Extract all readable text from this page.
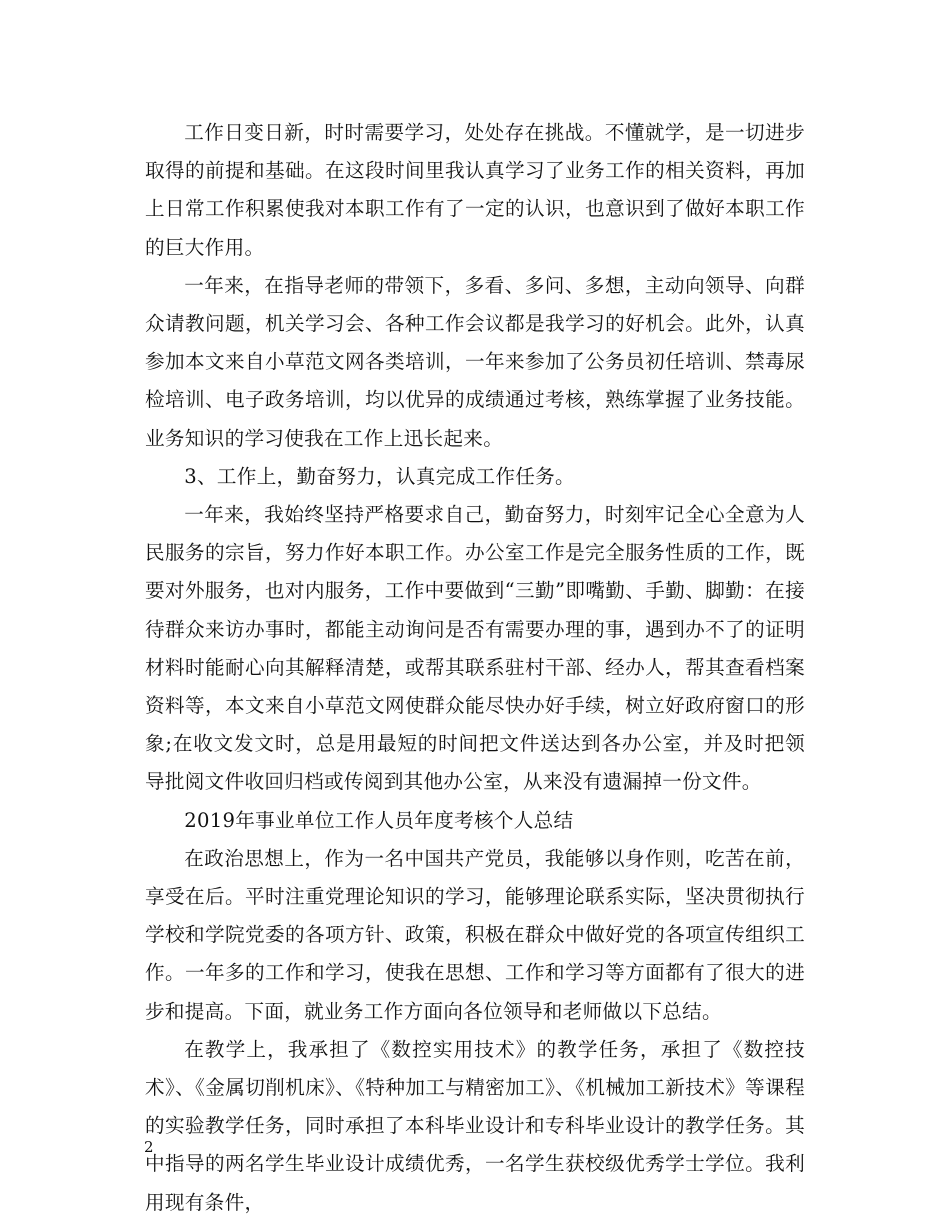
工作日变日新，时时需要学习，处处存在挑战。不懂就学，是一切进步取得的前提和基础。在这段时间里我认真学习了业务工作的相关资料，再加上日常工作积累使我对本职工作有了一定的认识，也意识到了做好本职工作的巨大作用。

一年来，在指导老师的带领下，多看、多问、多想，主动向领导、向群众请教问题，机关学习会、各种工作会议都是我学习的好机会。此外，认真参加本文来自小草范文网各类培训，一年来参加了公务员初任培训、禁毒尿检培训、电子政务培训，均以优异的成绩通过考核，熟练掌握了业务技能。业务知识的学习使我在工作上迅长起来。

3、工作上，勤奋努力，认真完成工作任务。

一年来，我始终坚持严格要求自己，勤奋努力，时刻牢记全心全意为人民服务的宗旨，努力作好本职工作。办公室工作是完全服务性质的工作，既要对外服务，也对内服务，工作中要做到“三勤”即嘴勤、手勤、脚勤：在接待群众来访办事时，都能主动询问是否有需要办理的事，遇到办不了的证明材料时能耐心向其解释清楚，或帮其联系驻村干部、经办人，帮其查看档案资料等，本文来自小草范文网使群众能尽快办好手续，树立好政府窗口的形象;在收文发文时，总是用最短的时间把文件送达到各办公室，并及时把领导批阅文件收回归档或传阅到其他办公室，从来没有遗漏掉一份文件。

2019年事业单位工作人员年度考核个人总结

在政治思想上，作为一名中国共产党员，我能够以身作则，吃苦在前，享受在后。平时注重党理论知识的学习，能够理论联系实际，坚决贯彻执行学校和学院党委的各项方针、政策，积极在群众中做好党的各项宣传组织工作。一年多的工作和学习，使我在思想、工作和学习等方面都有了很大的进步和提高。下面，就业务工作方面向各位领导和老师做以下总结。

在教学上，我承担了《数控实用技术》的教学任务，承担了《数控技术》、《金属切削机床》、《特种加工与精密加工》、《机械加工新技术》等课程的实验教学任务，同时承担了本科毕业设计和专科毕业设计的教学任务。其中指导的两名学生毕业设计成绩优秀，一名学生获校级优秀学士学位。我利用现有条件，

2
